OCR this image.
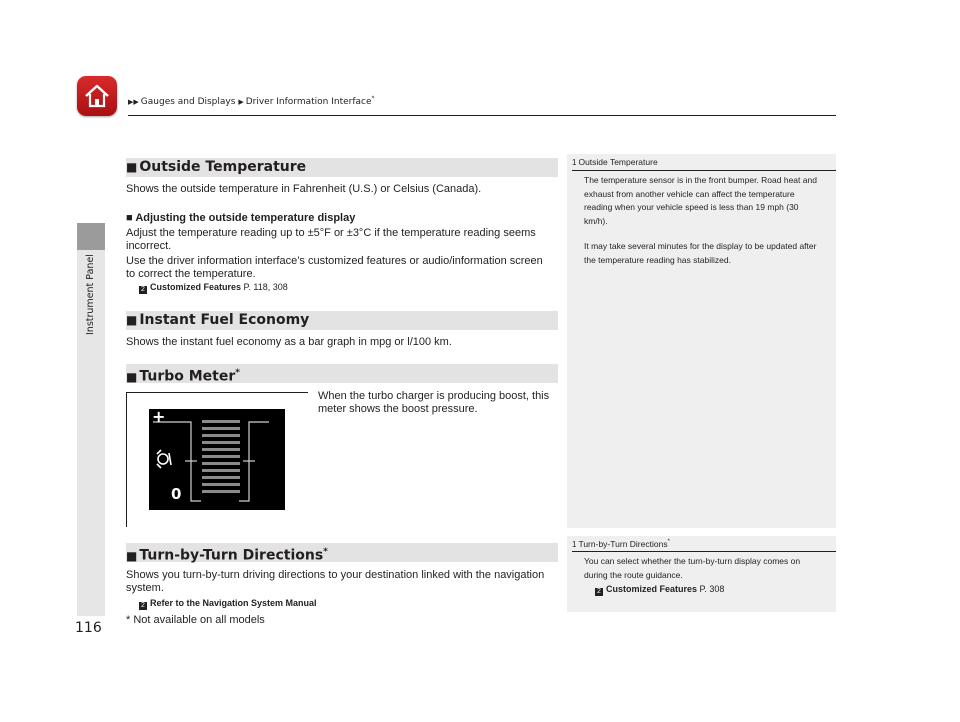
▶▶ Gauges and Displays ▶ Driver Information Interface*
Instrument Panel
116
■ Outside Temperature
Shows the outside temperature in Fahrenheit (U.S.) or Celsius (Canada).
■ Adjusting the outside temperature display
Adjust the temperature reading up to ±5°F or ±3°C if the temperature reading seems incorrect.
Use the driver information interface’s customized features or audio/information screen to correct the temperature.
2 Customized Features P. 118, 308
■ Instant Fuel Economy
Shows the instant fuel economy as a bar graph in mpg or l/100 km.
■ Turbo Meter*
When the turbo charger is producing boost, this meter shows the boost pressure.
+
0
■ Turn-by-Turn Directions*
Shows you turn-by-turn driving directions to your destination linked with the navigation system.
2 Refer to the Navigation System Manual
1 Outside Temperature
The temperature sensor is in the front bumper. Road heat and exhaust from another vehicle can affect the temperature reading when your vehicle speed is less than 19 mph (30 km/h).
It may take several minutes for the display to be updated after the temperature reading has stabilized.
1 Turn-by-Turn Directions*
You can select whether the turn-by-turn display comes on during the route guidance.
2 Customized Features P. 308
* Not available on all models
